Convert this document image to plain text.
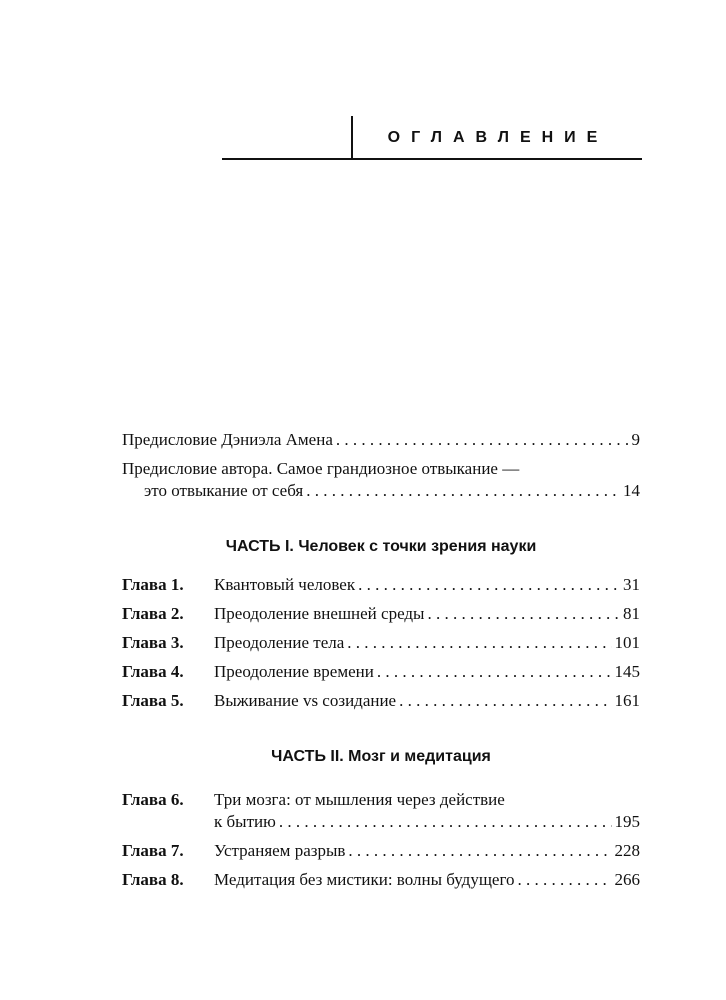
ОГЛАВЛЕНИЕ
Предисловие Дэниэла Амена . . .	9
Предисловие автора. Самое грандиозное отвыкание —
это отвыкание от себя . . .	14
ЧАСТЬ I. Человек с точки зрения науки
Глава 1.	Квантовый человек . . .	31
Глава 2.	Преодоление внешней среды . . .	81
Глава 3.	Преодоление тела . . .	101
Глава 4.	Преодоление времени . . .	145
Глава 5.	Выживание vs созидание . . .	161
ЧАСТЬ II. Мозг и медитация
Глава 6.	Три мозга: от мышления через действие
к бытию . . .	195
Глава 7.	Устраняем разрыв . . .	228
Глава 8.	Медитация без мистики: волны будущего . . .	266
